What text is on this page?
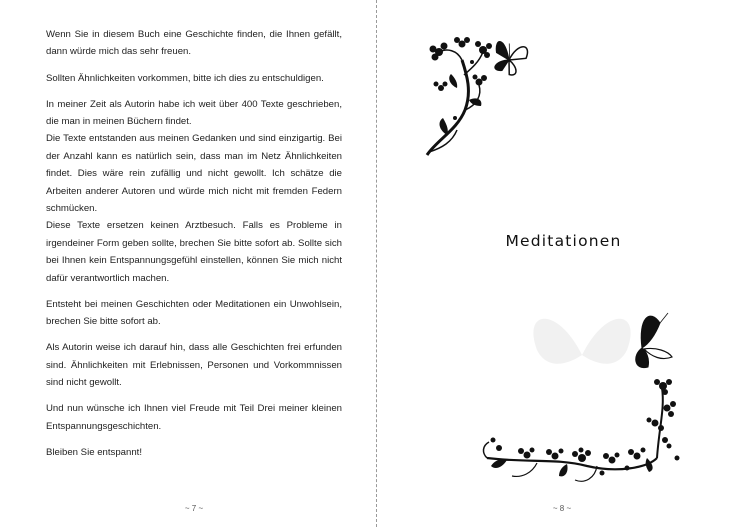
Wenn Sie in diesem Buch eine Geschichte finden, die Ihnen gefällt, dann würde mich das sehr freuen.

Sollten Ähnlichkeiten vorkommen, bitte ich dies zu entschuldigen.

In meiner Zeit als Autorin habe ich weit über 400 Texte geschrieben, die man in meinen Büchern findet.

Die Texte entstanden aus meinen Gedanken und sind einzigartig. Bei der Anzahl kann es natürlich sein, dass man im Netz Ähnlichkeiten findet. Dies wäre rein zufällig und nicht gewollt. Ich schätze die Arbeiten anderer Autoren und würde mich nicht mit fremden Federn schmücken.

Diese Texte ersetzen keinen Arztbesuch. Falls es Probleme in irgendeiner Form geben sollte, brechen Sie bitte sofort ab. Sollte sich bei Ihnen kein Entspannungsgefühl einstellen, können Sie mich nicht dafür verantwortlich machen.

Entsteht bei meinen Geschichten oder Meditationen ein Unwohlsein, brechen Sie bitte sofort ab.

Als Autorin weise ich darauf hin, dass alle Geschichten frei erfunden sind. Ähnlichkeiten mit Erlebnissen, Personen und Vorkommnissen sind nicht gewollt.

Und nun wünsche ich Ihnen viel Freude mit Teil Drei meiner kleinen Entspannungsgeschichten.

Bleiben Sie entspannt!

~ 7 ~
Meditationen
~ 8 ~
